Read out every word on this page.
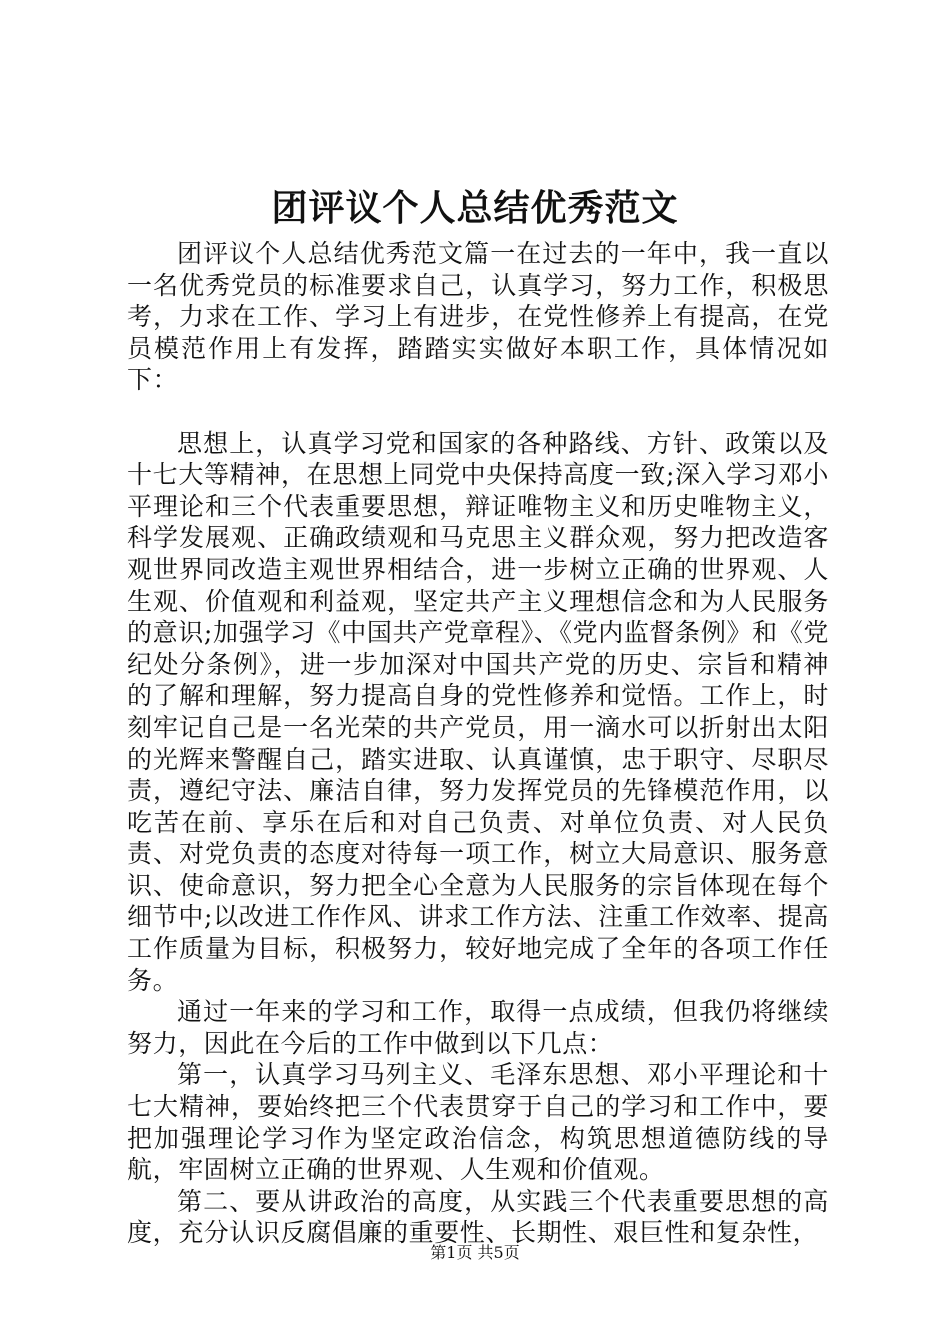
团评议个人总结优秀范文

团评议个人总结优秀范文篇一在过去的一年中，我一直以一名优秀党员的标准要求自己，认真学习，努力工作，积极思考，力求在工作、学习上有进步，在党性修养上有提高，在党员模范作用上有发挥，踏踏实实做好本职工作，具体情况如下：

思想上，认真学习党和国家的各种路线、方针、政策以及十七大等精神，在思想上同党中央保持高度一致;深入学习邓小平理论和三个代表重要思想，辩证唯物主义和历史唯物主义，科学发展观、正确政绩观和马克思主义群众观，努力把改造客观世界同改造主观世界相结合，进一步树立正确的世界观、人生观、价值观和利益观，坚定共产主义理想信念和为人民服务的意识;加强学习《中国共产党章程》、《党内监督条例》和《党纪处分条例》，进一步加深对中国共产党的历史、宗旨和精神的了解和理解，努力提高自身的党性修养和觉悟。工作上，时刻牢记自己是一名光荣的共产党员，用一滴水可以折射出太阳的光辉来警醒自己，踏实进取、认真谨慎，忠于职守、尽职尽责，遵纪守法、廉洁自律，努力发挥党员的先锋模范作用，以吃苦在前、享乐在后和对自己负责、对单位负责、对人民负责、对党负责的态度对待每一项工作，树立大局意识、服务意识、使命意识，努力把全心全意为人民服务的宗旨体现在每个细节中;以改进工作作风、讲求工作方法、注重工作效率、提高工作质量为目标，积极努力，较好地完成了全年的各项工作任务。

通过一年来的学习和工作，取得一点成绩，但我仍将继续努力，因此在今后的工作中做到以下几点：

第一，认真学习马列主义、毛泽东思想、邓小平理论和十七大精神，要始终把三个代表贯穿于自己的学习和工作中，要把加强理论学习作为坚定政治信念，构筑思想道德防线的导航，牢固树立正确的世界观、人生观和价值观。

第二、要从讲政治的高度，从实践三个代表重要思想的高度，充分认识反腐倡廉的重要性、长期性、艰巨性和复杂性，

第1页 共5页
